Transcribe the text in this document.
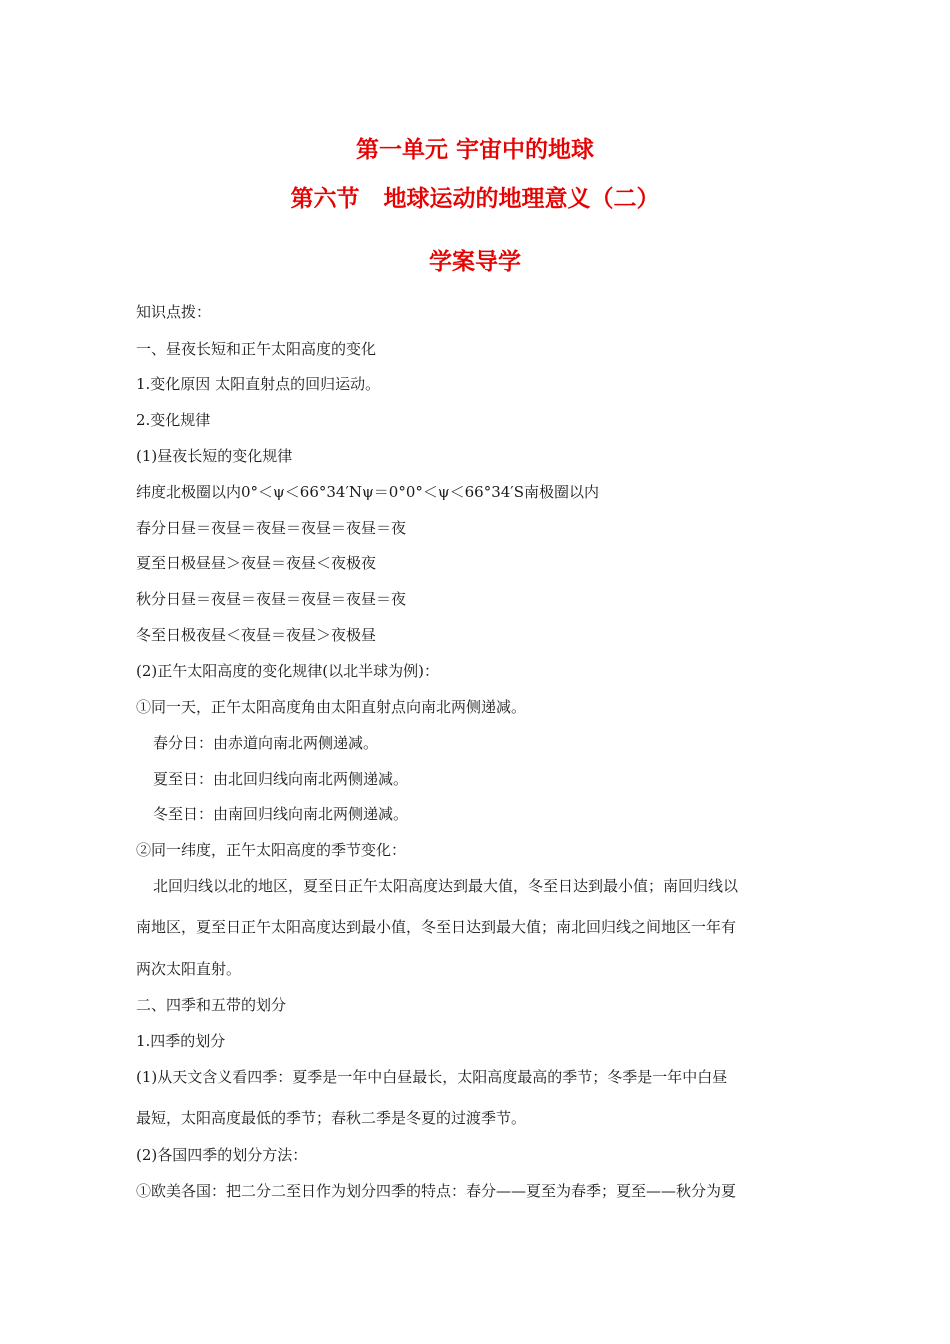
第一单元 宇宙中的地球
第六节   地球运动的地理意义（二）
学案导学
知识点拨：
一、昼夜长短和正午太阳高度的变化
1.变化原因 太阳直射点的回归运动。
2.变化规律
(1)昼夜长短的变化规律
纬度北极圈以内0°＜ψ＜66°34′Nψ＝0°0°＜ψ＜66°34′S南极圈以内
春分日昼＝夜昼＝夜昼＝夜昼＝夜昼＝夜
夏至日极昼昼＞夜昼＝夜昼＜夜极夜
秋分日昼＝夜昼＝夜昼＝夜昼＝夜昼＝夜
冬至日极夜昼＜夜昼＝夜昼＞夜极昼
(2)正午太阳高度的变化规律(以北半球为例)：
①同一天，正午太阳高度角由太阳直射点向南北两侧递减。
春分日：由赤道向南北两侧递减。
夏至日：由北回归线向南北两侧递减。
冬至日：由南回归线向南北两侧递减。
②同一纬度，正午太阳高度的季节变化：
北回归线以北的地区，夏至日正午太阳高度达到最大值，冬至日达到最小值；南回归线以
南地区，夏至日正午太阳高度达到最小值，冬至日达到最大值；南北回归线之间地区一年有
两次太阳直射。
二、四季和五带的划分
1.四季的划分
(1)从天文含义看四季：夏季是一年中白昼最长，太阳高度最高的季节；冬季是一年中白昼
最短，太阳高度最低的季节；春秋二季是冬夏的过渡季节。
(2)各国四季的划分方法：
①欧美各国：把二分二至日作为划分四季的特点：春分——夏至为春季；夏至——秋分为夏
